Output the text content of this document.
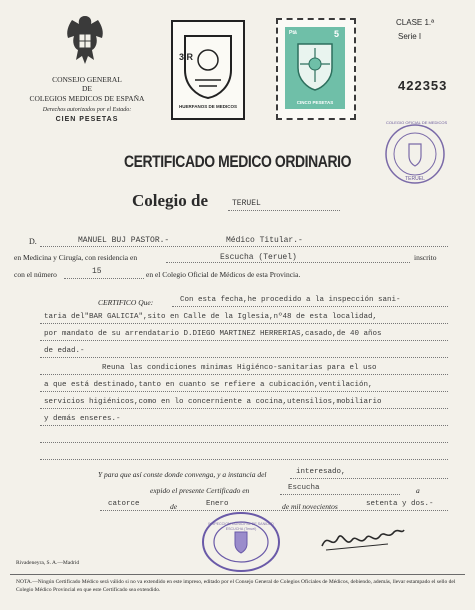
CONSEJO GENERAL
DE
COLEGIOS MEDICOS DE ESPAÑA
Derechos autorizados por el Estado:
CIEN PESETAS
3 R
HUERFANOS DE MEDICOS
Ptâ	5
CINCO PESETAS
CLASE 1.ª
Serie I
422353
TERUEL
COLEGIO OFICIAL DE MEDICOS
CERTIFICADO MEDICO ORDINARIO
Colegio de	TERUEL
D.	MANUEL BUJ PASTOR.-	Médico Titular.-
en Medicina y Cirugía, con residencia en	Escucha (Teruel)	inscrito
con el número	15	en el Colegio Oficial de Médicos de esta Provincia.
CERTIFICO Que:	Con esta fecha,he procedido a la inspección sani-
taria del"BAR GALICIA",sito en Calle de la Iglesia,nº48 de esta localidad,
por mandato de su arrendatario D.DIEGO MARTINEZ HERRERIAS,casado,de 40 años
de edad.-
Reuna las condiciones minimas Higiénco-sanitarias para el uso
a que está destinado,tanto en cuanto se refiere a cubicación,ventilación,
servicios higiénicos,como en lo concerniente a cocina,utensilios,mobiliario
y demás enseres.-
Y para que así conste donde convenga, y a instancia del	interesado,
expido el presente Certificado en	Escucha	a
catorce	de	Enero	de mil novecientos	setenta y dos.-
INSPECCION MUNICIPAL DE SANIDAD ESCUCHA (Teruel)
Rivadeneyra, S. A.—Madrid
NOTA.—Ningún Certificado Médico será válido si no va extendido en este impreso, editado por el Consejo General de Colegios Oficiales de Médicos, debiendo, además, llevar estampado el sello del Colegio Médico Provincial en que este Certificado sea extendido.
